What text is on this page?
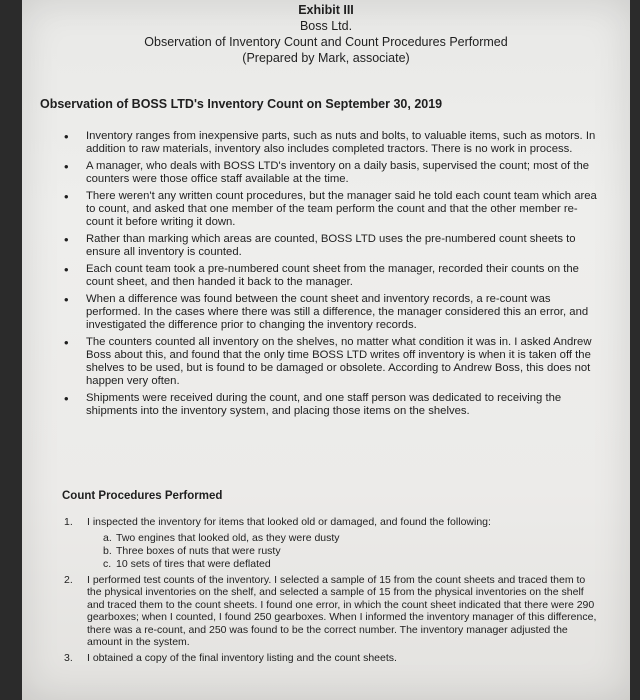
Exhibit III
Boss Ltd.
Observation of Inventory Count and Count Procedures Performed
(Prepared by Mark, associate)
Observation of BOSS LTD's Inventory Count on September 30, 2019
• Inventory ranges from inexpensive parts, such as nuts and bolts, to valuable items, such as motors. In addition to raw materials, inventory also includes completed tractors. There is no work in process.
• A manager, who deals with BOSS LTD's inventory on a daily basis, supervised the count; most of the counters were those office staff available at the time.
• There weren't any written count procedures, but the manager said he told each count team which area to count, and asked that one member of the team perform the count and that the other member re-count it before writing it down.
• Rather than marking which areas are counted, BOSS LTD uses the pre-numbered count sheets to ensure all inventory is counted.
• Each count team took a pre-numbered count sheet from the manager, recorded their counts on the count sheet, and then handed it back to the manager.
• When a difference was found between the count sheet and inventory records, a re-count was performed. In the cases where there was still a difference, the manager considered this an error, and investigated the difference prior to changing the inventory records.
• The counters counted all inventory on the shelves, no matter what condition it was in. I asked Andrew Boss about this, and found that the only time BOSS LTD writes off inventory is when it is taken off the shelves to be used, but is found to be damaged or obsolete. According to Andrew Boss, this does not happen very often.
• Shipments were received during the count, and one staff person was dedicated to receiving the shipments into the inventory system, and placing those items on the shelves.
Count Procedures Performed
1. I inspected the inventory for items that looked old or damaged, and found the following:
a. Two engines that looked old, as they were dusty
b. Three boxes of nuts that were rusty
c. 10 sets of tires that were deflated
2. I performed test counts of the inventory. I selected a sample of 15 from the count sheets and traced them to the physical inventories on the shelf, and selected a sample of 15 from the physical inventories on the shelf and traced them to the count sheets. I found one error, in which the count sheet indicated that there were 290 gearboxes; when I counted, I found 250 gearboxes. When I informed the inventory manager of this difference, there was a re-count, and 250 was found to be the correct number. The inventory manager adjusted the amount in the system.
3. I obtained a copy of the final inventory listing and the count sheets.
